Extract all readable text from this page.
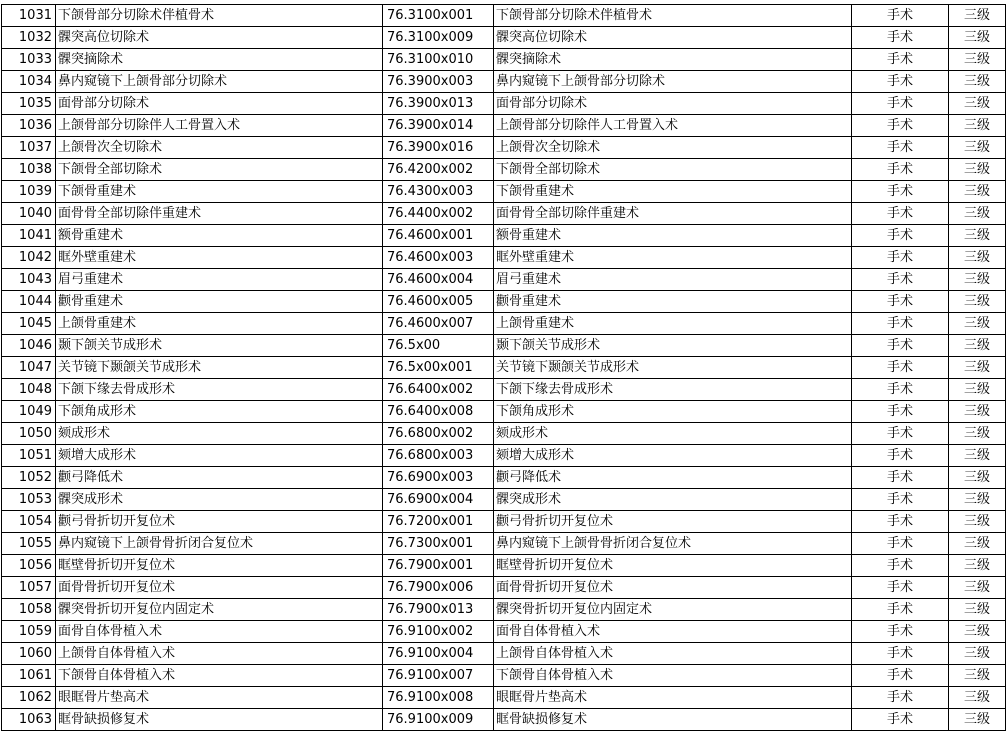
1031	下颌骨部分切除术伴植骨术	76.3100x001	下颌骨部分切除术伴植骨术	手术	三级
1032	髁突高位切除术	76.3100x009	髁突高位切除术	手术	三级
1033	髁突摘除术	76.3100x010	髁突摘除术	手术	三级
1034	鼻内窥镜下上颌骨部分切除术	76.3900x003	鼻内窥镜下上颌骨部分切除术	手术	三级
1035	面骨部分切除术	76.3900x013	面骨部分切除术	手术	三级
1036	上颌骨部分切除伴人工骨置入术	76.3900x014	上颌骨部分切除伴人工骨置入术	手术	三级
1037	上颌骨次全切除术	76.3900x016	上颌骨次全切除术	手术	三级
1038	下颌骨全部切除术	76.4200x002	下颌骨全部切除术	手术	三级
1039	下颌骨重建术	76.4300x003	下颌骨重建术	手术	三级
1040	面骨骨全部切除伴重建术	76.4400x002	面骨骨全部切除伴重建术	手术	三级
1041	额骨重建术	76.4600x001	额骨重建术	手术	三级
1042	眶外壁重建术	76.4600x003	眶外壁重建术	手术	三级
1043	眉弓重建术	76.4600x004	眉弓重建术	手术	三级
1044	颧骨重建术	76.4600x005	颧骨重建术	手术	三级
1045	上颌骨重建术	76.4600x007	上颌骨重建术	手术	三级
1046	颞下颌关节成形术	76.5x00	颞下颌关节成形术	手术	三级
1047	关节镜下颞颌关节成形术	76.5x00x001	关节镜下颞颌关节成形术	手术	三级
1048	下颌下缘去骨成形术	76.6400x002	下颌下缘去骨成形术	手术	三级
1049	下颌角成形术	76.6400x008	下颌角成形术	手术	三级
1050	颏成形术	76.6800x002	颏成形术	手术	三级
1051	颏增大成形术	76.6800x003	颏增大成形术	手术	三级
1052	颧弓降低术	76.6900x003	颧弓降低术	手术	三级
1053	髁突成形术	76.6900x004	髁突成形术	手术	三级
1054	颧弓骨折切开复位术	76.7200x001	颧弓骨折切开复位术	手术	三级
1055	鼻内窥镜下上颌骨骨折闭合复位术	76.7300x001	鼻内窥镜下上颌骨骨折闭合复位术	手术	三级
1056	眶壁骨折切开复位术	76.7900x001	眶壁骨折切开复位术	手术	三级
1057	面骨骨折切开复位术	76.7900x006	面骨骨折切开复位术	手术	三级
1058	髁突骨折切开复位内固定术	76.7900x013	髁突骨折切开复位内固定术	手术	三级
1059	面骨自体骨植入术	76.9100x002	面骨自体骨植入术	手术	三级
1060	上颌骨自体骨植入术	76.9100x004	上颌骨自体骨植入术	手术	三级
1061	下颌骨自体骨植入术	76.9100x007	下颌骨自体骨植入术	手术	三级
1062	眼眶骨片垫高术	76.9100x008	眼眶骨片垫高术	手术	三级
1063	眶骨缺损修复术	76.9100x009	眶骨缺损修复术	手术	三级
